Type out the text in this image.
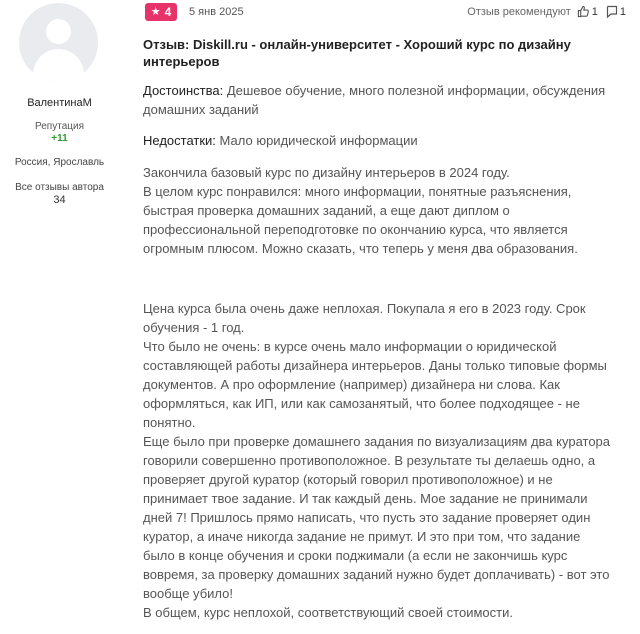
ВалентинаМ
Репутация
+11
Россия, Ярославль
Все отзывы автора
34
★ 4 5 янв 2025	Отзыв рекомендуют 1 1
Отзыв: Diskill.ru - онлайн-университет - Хороший курс по дизайну интерьеров
Достоинства: Дешевое обучение, много полезной информации, обсуждения домашних заданий
Недостатки: Мало юридической информации

Закончила базовый курс по дизайну интерьеров в 2024 году.
В целом курс понравился: много информации, понятные разъяснения, быстрая проверка домашних заданий, а еще дают диплом о профессиональной переподготовке по окончанию курса, что является огромным плюсом. Можно сказать, что теперь у меня два образования.

Цена курса была очень даже неплохая. Покупала я его в 2023 году. Срок обучения - 1 год.

Что было не очень: в курсе очень мало информации о юридической составляющей работы дизайнера интерьеров. Даны только типовые формы документов. А про оформление (например) дизайнера ни слова. Как оформляться, как ИП, или как самозанятый, что более подходящее - не понятно.

Еще было при проверке домашнего задания по визуализациям два куратора говорили совершенно противоположное. В результате ты делаешь одно, а проверяет другой куратор (который говорил противоположное) и не принимает твое задание. И так каждый день. Мое задание не принимали дней 7! Пришлось прямо написать, что пусть это задание проверяет один куратор, а иначе никогда задание не примут. И это при том, что задание было в конце обучения и сроки поджимали (а если не закончишь курс вовремя, за проверку домашних заданий нужно будет доплачивать) - вот это вообще убило!

В общем, курс неплохой, соответствующий своей стоимости.
